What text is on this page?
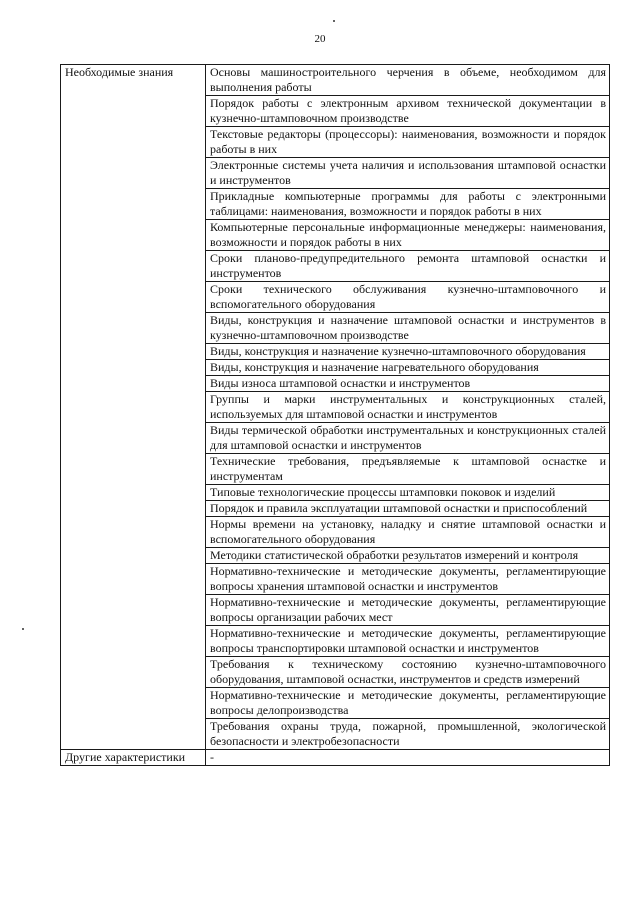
20
Необходимые знания	Основы машиностроительного черчения в объеме, необходимом для выполнения работы
	Порядок работы с электронным архивом технической документации в кузнечно-штамповочном производстве
	Текстовые редакторы (процессоры): наименования, возможности и порядок работы в них
	Электронные системы учета наличия и использования штамповой оснастки и инструментов
	Прикладные компьютерные программы для работы с электронными таблицами: наименования, возможности и порядок работы в них
	Компьютерные персональные информационные менеджеры: наименования, возможности и порядок работы в них
	Сроки планово-предупредительного ремонта штамповой оснастки и инструментов
	Сроки технического обслуживания кузнечно-штамповочного и вспомогательного оборудования
	Виды, конструкция и назначение штамповой оснастки и инструментов в кузнечно-штамповочном производстве
	Виды, конструкция и назначение кузнечно-штамповочного оборудования
	Виды, конструкция и назначение нагревательного оборудования
	Виды износа штамповой оснастки и инструментов
	Группы и марки инструментальных и конструкционных сталей, используемых для штамповой оснастки и инструментов
	Виды термической обработки инструментальных и конструкционных сталей для штамповой оснастки и инструментов
	Технические требования, предъявляемые к штамповой оснастке и инструментам
	Типовые технологические процессы штамповки поковок и изделий
	Порядок и правила эксплуатации штамповой оснастки и приспособлений
	Нормы времени на установку, наладку и снятие штамповой оснастки и вспомогательного оборудования
	Методики статистической обработки результатов измерений и контроля
	Нормативно-технические и методические документы, регламентирующие вопросы хранения штамповой оснастки и инструментов
	Нормативно-технические и методические документы, регламентирующие вопросы организации рабочих мест
	Нормативно-технические и методические документы, регламентирующие вопросы транспортировки штамповой оснастки и инструментов
	Требования к техническому состоянию кузнечно-штамповочного оборудования, штамповой оснастки, инструментов и средств измерений
	Нормативно-технические и методические документы, регламентирующие вопросы делопроизводства
	Требования охраны труда, пожарной, промышленной, экологической безопасности и электробезопасности
Другие характеристики	-
